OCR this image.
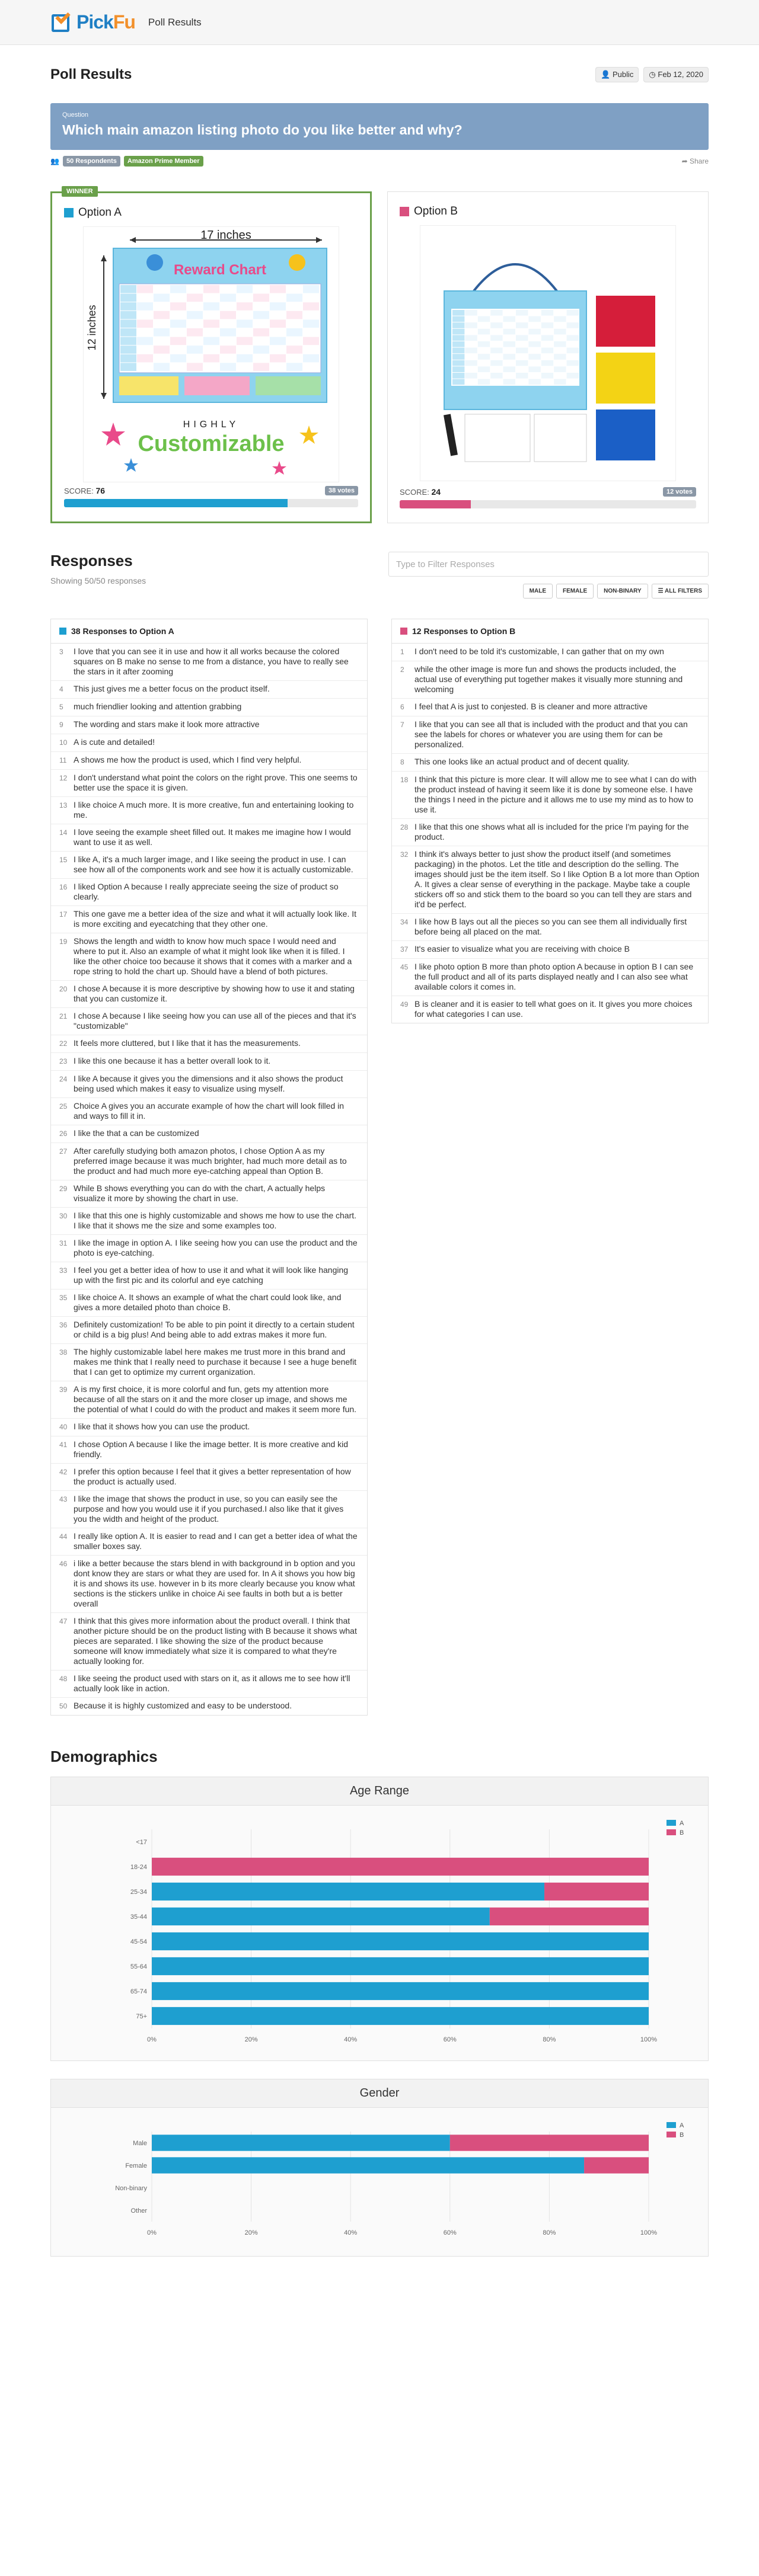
PickFu Poll Results
Poll Results	👤 Public	◷ Feb 12, 2020
Question
Which main amazon listing photo do you like better and why?
👥	50 Respondents	Amazon Prime Member	➦ Share
WINNER
Option A
17 inches
12 inches
Reward Chart
HIGHLY
Customizable
SCORE: 76	38 votes
Option B
SCORE: 24	12 votes
Responses
Showing 50/50 responses
Type to Filter Responses
MALE	FEMALE	NON-BINARY	☰ ALL FILTERS
38 Responses to Option A
3	I love that you can see it in use and how it all works because the colored squares on B make no sense to me from a distance, you have to really see the stars in it after zooming
4	This just gives me a better focus on the product itself.
5	much friendlier looking and attention grabbing
9	The wording and stars make it look more attractive
10 A is cute and detailed!
11 A shows me how the product is used, which I find very helpful.
12 I don't understand what point the colors on the right prove. This one seems to better use the space it is given.
13 I like choice A much more. It is more creative, fun and entertaining looking to me.
14 I love seeing the example sheet filled out. It makes me imagine how I would want to use it as well.
15 I like A, it's a much larger image, and I like seeing the product in use. I can see how all of the components work and see how it is actually customizable.
16 I liked Option A because I really appreciate seeing the size of product so clearly.
17 This one gave me a better idea of the size and what it will actually look like. It is more exciting and eyecatching that they other one.
19 Shows the length and width to know how much space I would need and where to put it. Also an example of what it might look like when it is filled. I like the other choice too because it shows that it comes with a marker and a rope string to hold the chart up. Should have a blend of both pictures.
20 I chose A because it is more descriptive by showing how to use it and stating that you can customize it.
21 I chose A because I like seeing how you can use all of the pieces and that it's "customizable"
22 It feels more cluttered, but I like that it has the measurements.
23 I like this one because it has a better overall look to it.
24 I like A because it gives you the dimensions and it also shows the product being used which makes it easy to visualize using myself.
25 Choice A gives you an accurate example of how the chart will look filled in and ways to fill it in.
26 I like the that a can be customized
27 After carefully studying both amazon photos, I chose Option A as my preferred image because it was much brighter, had much more detail as to the product and had much more eye-catching appeal than Option B.
29 While B shows everything you can do with the chart, A actually helps visualize it more by showing the chart in use.
30 I like that this one is highly customizable and shows me how to use the chart. I like that it shows me the size and some examples too.
31 I like the image in option A. I like seeing how you can use the product and the photo is eye-catching.
33 I feel you get a better idea of how to use it and what it will look like hanging up with the first pic and its colorful and eye catching
35 I like choice A. It shows an example of what the chart could look like, and gives a more detailed photo than choice B.
36 Definitely customization! To be able to pin point it directly to a certain student or child is a big plus! And being able to add extras makes it more fun.
38 The highly customizable label here makes me trust more in this brand and makes me think that I really need to purchase it because I see a huge benefit that I can get to optimize my current organization.
39 A is my first choice, it is more colorful and fun, gets my attention more because of all the stars on it and the more closer up image, and shows me the potential of what I could do with the product and makes it seem more fun.
40 I like that it shows how you can use the product.
41 I chose Option A because I like the image better. It is more creative and kid friendly.
42 I prefer this option because I feel that it gives a better representation of how the product is actually used.
43 I like the image that shows the product in use, so you can easily see the purpose and how you would use it if you purchased.I also like that it gives you the width and height of the product.
44 I really like option A. It is easier to read and I can get a better idea of what the smaller boxes say.
46 i like a better because the stars blend in with background in b option and you dont know they are stars or what they are used for. In A it shows you how big it is and shows its use. however in b its more clearly because you know what sections is the stickers unlike in choice Ai see faults in both but a is better overall
47 I think that this gives more information about the product overall. I think that another picture should be on the product listing with B because it shows what pieces are separated. I like showing the size of the product because someone will know immediately what size it is compared to what they're actually looking for.
48 I like seeing the product used with stars on it, as it allows me to see how it'll actually look like in action.
50 Because it is highly customized and easy to be understood.
12 Responses to Option B
1	I don't need to be told it's customizable, I can gather that on my own
2	while the other image is more fun and shows the products included, the actual use of everything put together makes it visually more stunning and welcoming
6	I feel that A is just to conjested. B is cleaner and more attractive
7	I like that you can see all that is included with the product and that you can see the labels for chores or whatever you are using them for can be personalized.
8	This one looks like an actual product and of decent quality.
18 I think that this picture is more clear. It will allow me to see what I can do with the product instead of having it seem like it is done by someone else. I have the things I need in the picture and it allows me to use my mind as to how to use it.
28 I like that this one shows what all is included for the price I'm paying for the product.
32 I think it's always better to just show the product itself (and sometimes packaging) in the photos. Let the title and description do the selling. The images should just be the item itself. So I like Option B a lot more than Option A. It gives a clear sense of everything in the package. Maybe take a couple stickers off so and stick them to the board so you can tell they are stars and it'd be perfect.
34 I like how B lays out all the pieces so you can see them all individually first before being all placed on the mat.
37 It's easier to visualize what you are receiving with choice B
45 I like photo option B more than photo option A because in option B I can see the full product and all of its parts displayed neatly and I can also see what available colors it comes in.
49 B is cleaner and it is easier to tell what goes on it. It gives you more choices for what categories I can use.
Demographics
Age Range
0%	20%	40%	60%	80%	100%
<17
18-24
25-34
35-44
45-54
55-64
65-74
75+
A
B
Gender
0%	20%	40%	60%	80%	100%
Male
Female
Non-binary
Other
A
B
